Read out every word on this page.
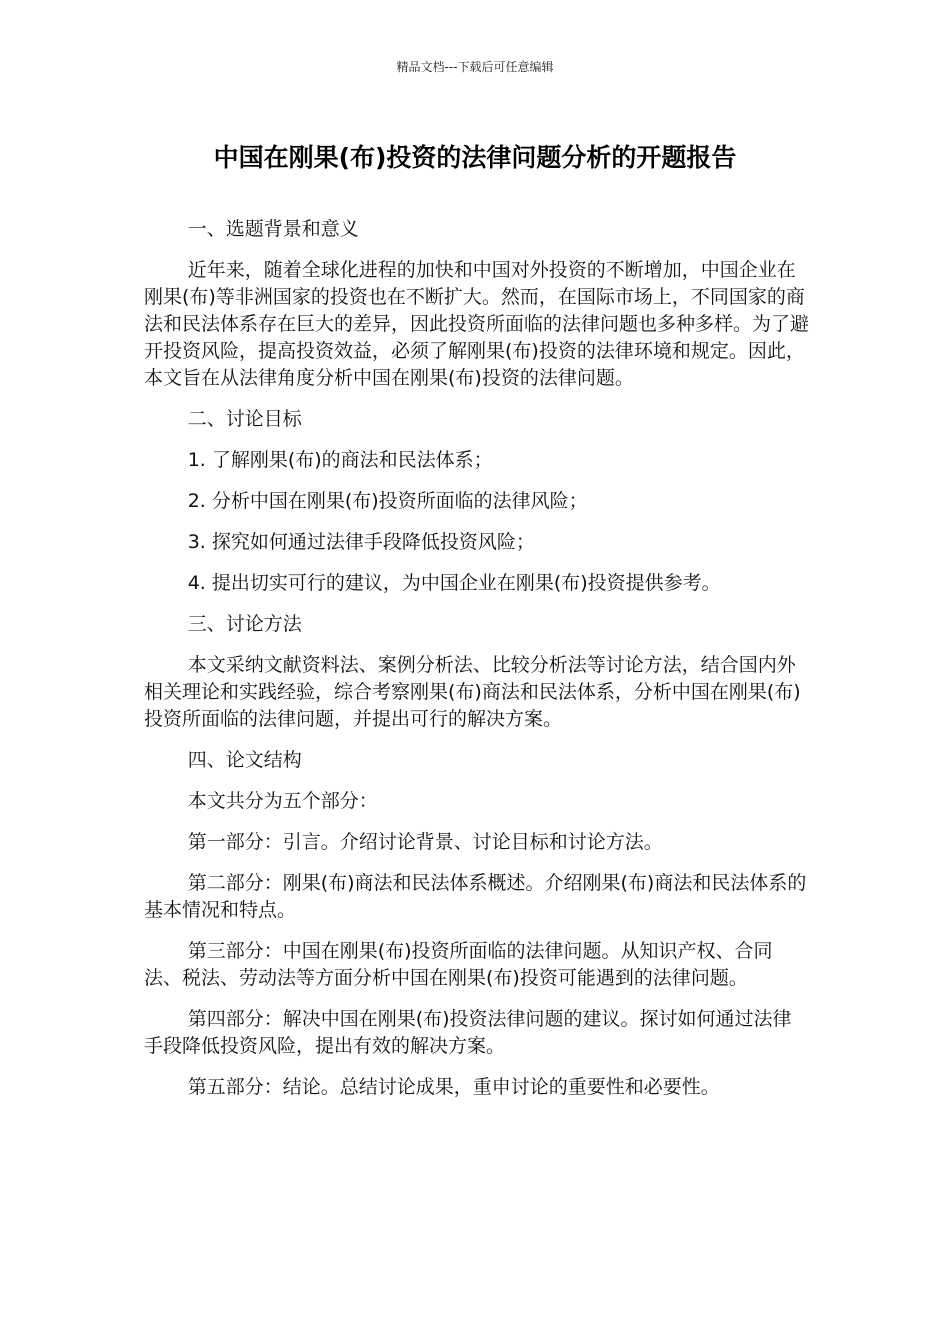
精品文档---下载后可任意编辑
中国在刚果(布)投资的法律问题分析的开题报告

一、选题背景和意义

近年来，随着全球化进程的加快和中国对外投资的不断增加，中国企业在刚果(布)等非洲国家的投资也在不断扩大。然而，在国际市场上，不同国家的商法和民法体系存在巨大的差异，因此投资所面临的法律问题也多种多样。为了避开投资风险，提高投资效益，必须了解刚果(布)投资的法律环境和规定。因此，本文旨在从法律角度分析中国在刚果(布)投资的法律问题。

二、讨论目标

1. 了解刚果(布)的商法和民法体系；

2. 分析中国在刚果(布)投资所面临的法律风险；

3. 探究如何通过法律手段降低投资风险；

4. 提出切实可行的建议，为中国企业在刚果(布)投资提供参考。

三、讨论方法

本文采纳文献资料法、案例分析法、比较分析法等讨论方法，结合国内外相关理论和实践经验，综合考察刚果(布)商法和民法体系，分析中国在刚果(布)投资所面临的法律问题，并提出可行的解决方案。

四、论文结构

本文共分为五个部分：

第一部分：引言。介绍讨论背景、讨论目标和讨论方法。

第二部分：刚果(布)商法和民法体系概述。介绍刚果(布)商法和民法体系的基本情况和特点。

第三部分：中国在刚果(布)投资所面临的法律问题。从知识产权、合同法、税法、劳动法等方面分析中国在刚果(布)投资可能遇到的法律问题。

第四部分：解决中国在刚果(布)投资法律问题的建议。探讨如何通过法律手段降低投资风险，提出有效的解决方案。

第五部分：结论。总结讨论成果，重申讨论的重要性和必要性。
